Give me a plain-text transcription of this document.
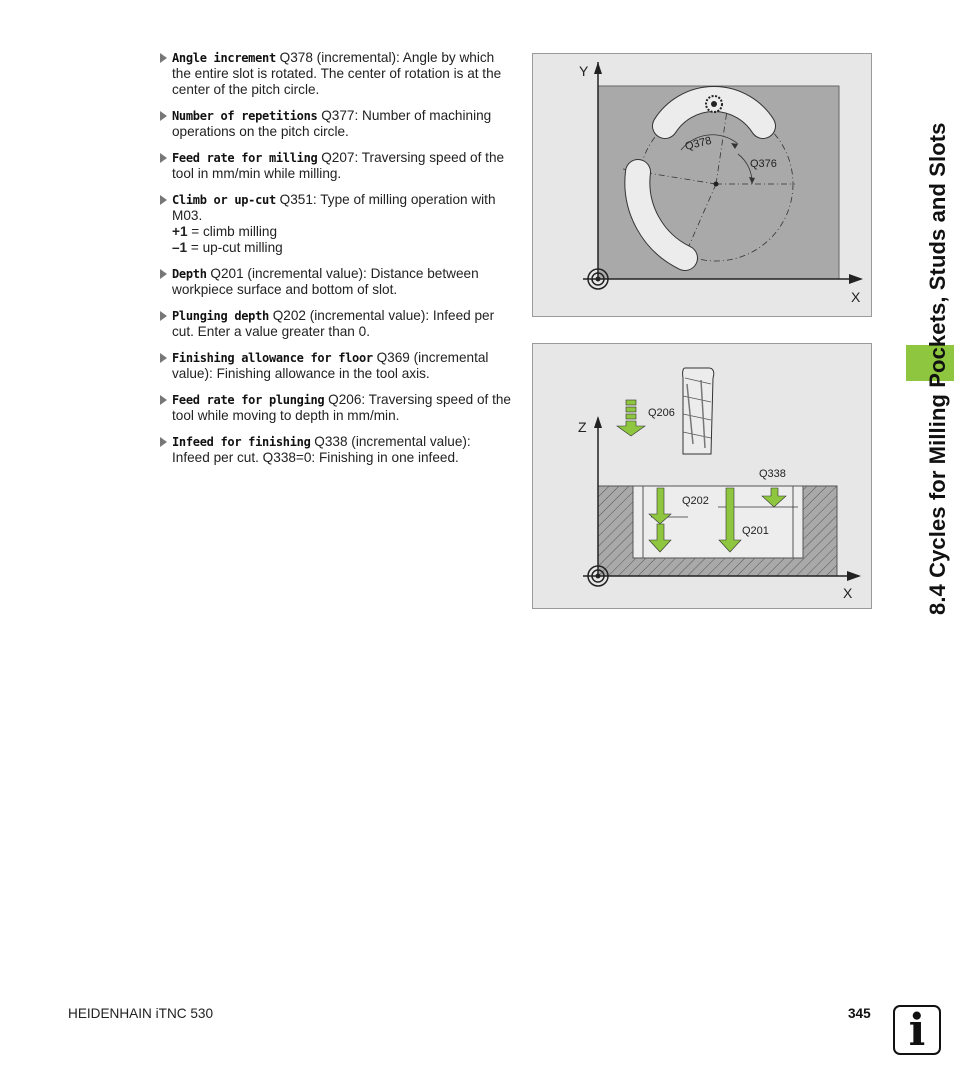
Angle increment Q378 (incremental): Angle by which the entire slot is rotated. The center of rotation is at the center of the pitch circle.
Number of repetitions Q377: Number of machining operations on the pitch circle.
Feed rate for milling Q207: Traversing speed of the tool in mm/min while milling.
Climb or up-cut Q351: Type of milling operation with M03.
+1 = climb milling
–1 = up-cut milling
Depth Q201 (incremental value): Distance between workpiece surface and bottom of slot.
Plunging depth Q202 (incremental value): Infeed per cut. Enter a value greater than 0.
Finishing allowance for floor Q369 (incremental value): Finishing allowance in the tool axis.
Feed rate for plunging Q206: Traversing speed of the tool while moving to depth in mm/min.
Infeed for finishing Q338 (incremental value): Infeed per cut. Q338=0: Finishing in one infeed.
Y
X
Q378
Q376
Z
X
Q206
Q338
Q202
Q201	8.4 Cycles for Milling Pockets, Studs and Slots
HEIDENHAIN iTNC 530	345 i
